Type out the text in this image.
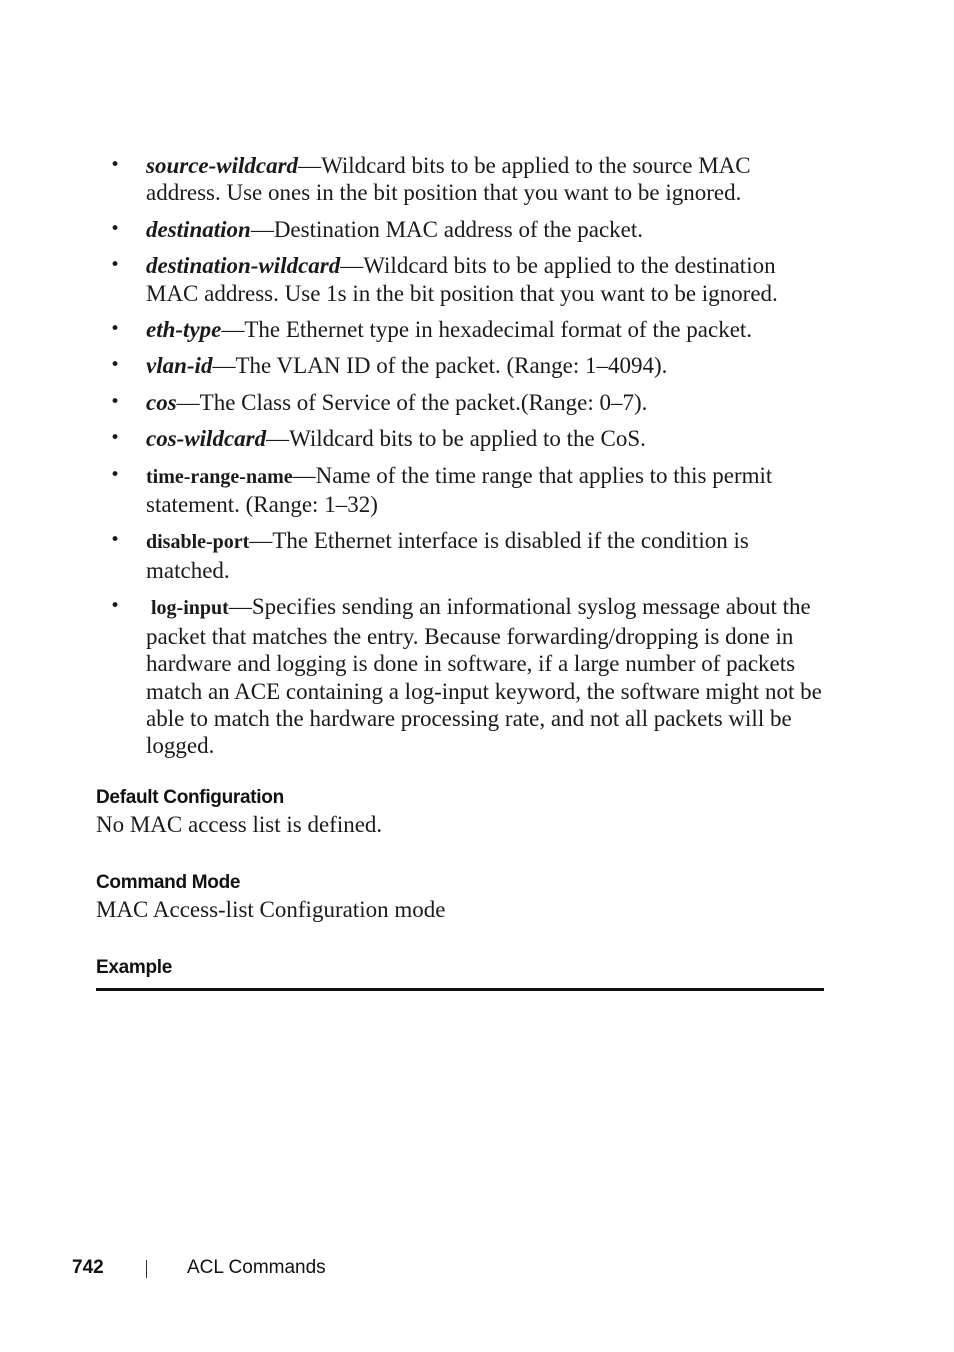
• source-wildcard—Wildcard bits to be applied to the source MAC address. Use ones in the bit position that you want to be ignored.
• destination—Destination MAC address of the packet.
• destination-wildcard—Wildcard bits to be applied to the destination MAC address. Use 1s in the bit position that you want to be ignored.
• eth-type—The Ethernet type in hexadecimal format of the packet.
• vlan-id—The VLAN ID of the packet. (Range: 1–4094).
• cos—The Class of Service of the packet.(Range: 0–7).
• cos-wildcard—Wildcard bits to be applied to the CoS.
• time-range-name—Name of the time range that applies to this permit statement. (Range: 1–32)
• disable-port—The Ethernet interface is disabled if the condition is matched.
• log-input—Specifies sending an informational syslog message about the packet that matches the entry. Because forwarding/dropping is done in hardware and logging is done in software, if a large number of packets match an ACE containing a log-input keyword, the software might not be able to match the hardware processing rate, and not all packets will be logged.
Default Configuration
No MAC access list is defined.
Command Mode
MAC Access-list Configuration mode
Example
742	ACL Commands
